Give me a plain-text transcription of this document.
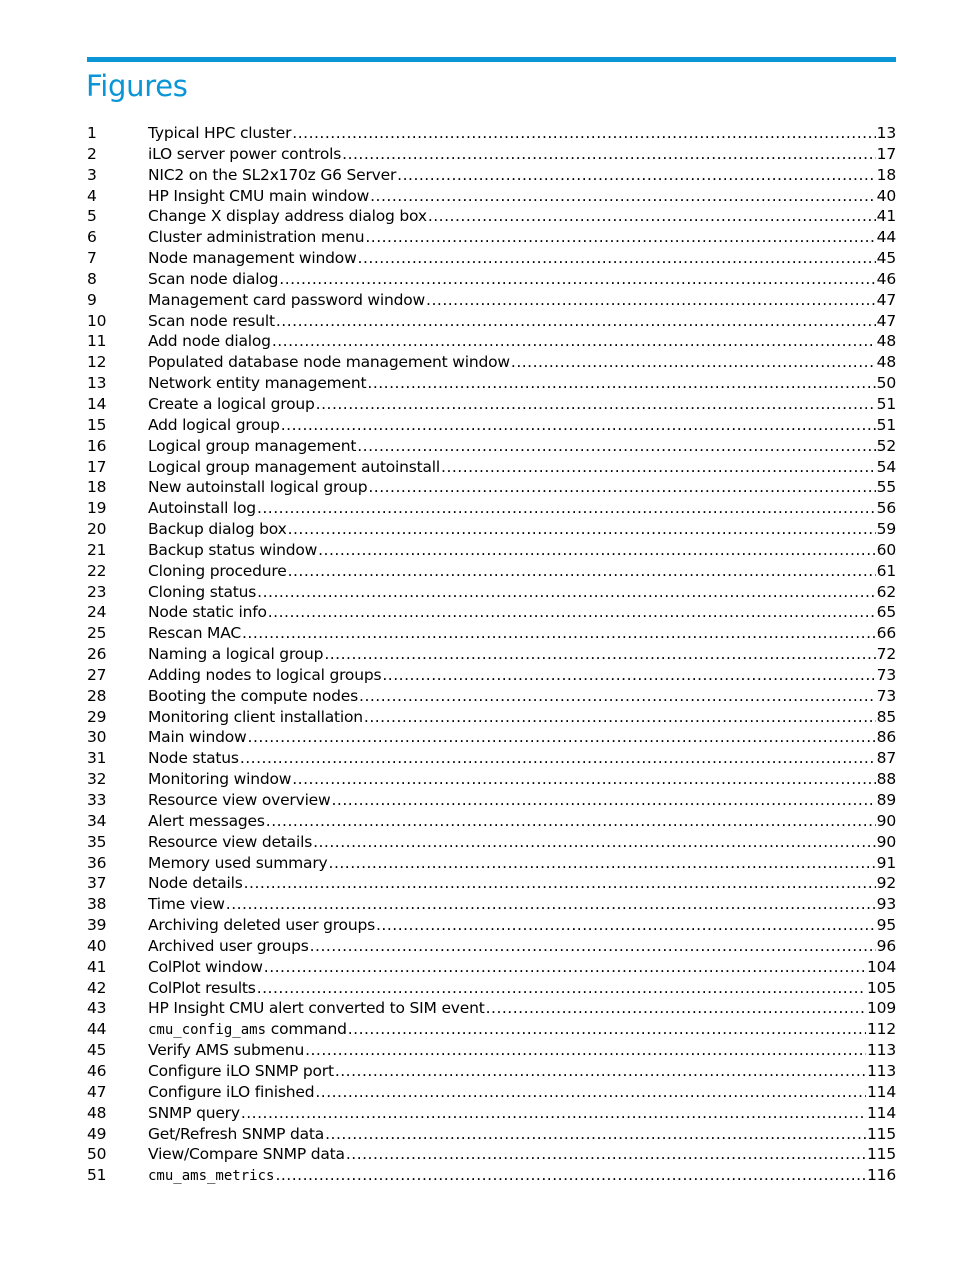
Figures
1	Typical HPC cluster .....	13
2	iLO server power controls .....	17
3	NIC2 on the SL2x170z G6 Server .....	18
4	HP Insight CMU main window .....	40
5	Change X display address dialog box .....	41
6	Cluster administration menu .....	44
7	Node management window .....	45
8	Scan node dialog .....	46
9	Management card password window .....	47
10	Scan node result .....	47
11	Add node dialog .....	48
12	Populated database node management window .....	48
13	Network entity management .....	50
14	Create a logical group .....	51
15	Add logical group .....	51
16	Logical group management .....	52
17	Logical group management autoinstall .....	54
18	New autoinstall logical group .....	55
19	Autoinstall log .....	56
20	Backup dialog box .....	59
21	Backup status window .....	60
22	Cloning procedure .....	61
23	Cloning status .....	62
24	Node static info .....	65
25	Rescan MAC .....	66
26	Naming a logical group .....	72
27	Adding nodes to logical groups .....	73
28	Booting the compute nodes .....	73
29	Monitoring client installation .....	85
30	Main window .....	86
31	Node status .....	87
32	Monitoring window .....	88
33	Resource view overview .....	89
34	Alert messages .....	90
35	Resource view details .....	90
36	Memory used summary .....	91
37	Node details .....	92
38	Time view .....	93
39	Archiving deleted user groups .....	95
40	Archived user groups .....	96
41	ColPlot window .....	104
42	ColPlot results .....	105
43	HP Insight CMU alert converted to SIM event .....	109
44	cmu_config_ams command .....	112
45	Verify AMS submenu .....	113
46	Configure iLO SNMP port .....	113
47	Configure iLO finished .....	114
48	SNMP query .....	114
49	Get/Refresh SNMP data .....	115
50	View/Compare SNMP data .....	115
51	cmu_ams_metrics .....	116
